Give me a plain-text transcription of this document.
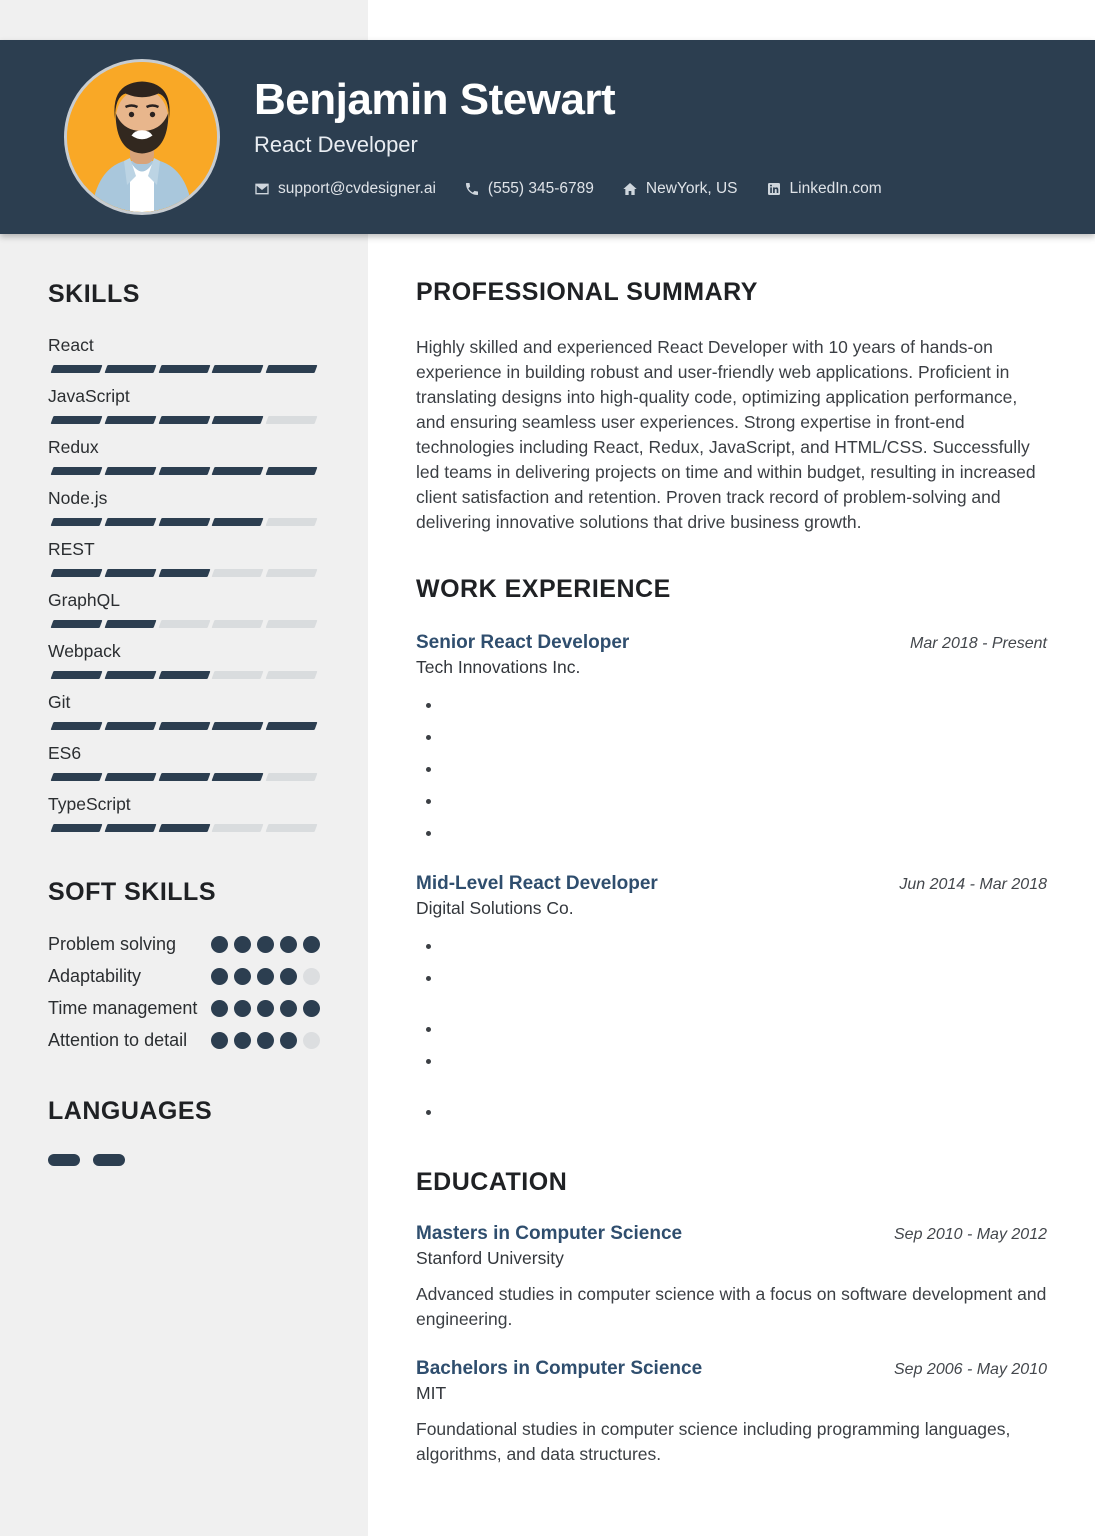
Benjamin Stewart
React Developer
support@cvdesigner.ai	(555) 345-6789	NewYork, US	LinkedIn.com
SKILLS
React
JavaScript
Redux
Node.js
REST
GraphQL
Webpack
Git
ES6
TypeScript
SOFT SKILLS
Problem solving
Adaptability
Time management
Attention to detail
LANGUAGES
PROFESSIONAL SUMMARY

Highly skilled and experienced React Developer with 10 years of hands-on experience in building robust and user-friendly web applications. Proficient in translating designs into high-quality code, optimizing application performance, and ensuring seamless user experiences. Strong expertise in front-end technologies including React, Redux, JavaScript, and HTML/CSS. Successfully led teams in delivering projects on time and within budget, resulting in increased client satisfaction and retention. Proven track record of problem-solving and delivering innovative solutions that drive business growth.

WORK EXPERIENCE
Senior React Developer	Mar 2018 - Present
Tech Innovations Inc.
•
•
•
•
•
Mid-Level React Developer	Jun 2014 - Mar 2018
Digital Solutions Co.
•
•
•
•
•
EDUCATION
Masters in Computer Science	Sep 2010 - May 2012
Stanford University

Advanced studies in computer science with a focus on software development and engineering.

Bachelors in Computer Science	Sep 2006 - May 2010
MIT

Foundational studies in computer science including programming languages, algorithms, and data structures.
